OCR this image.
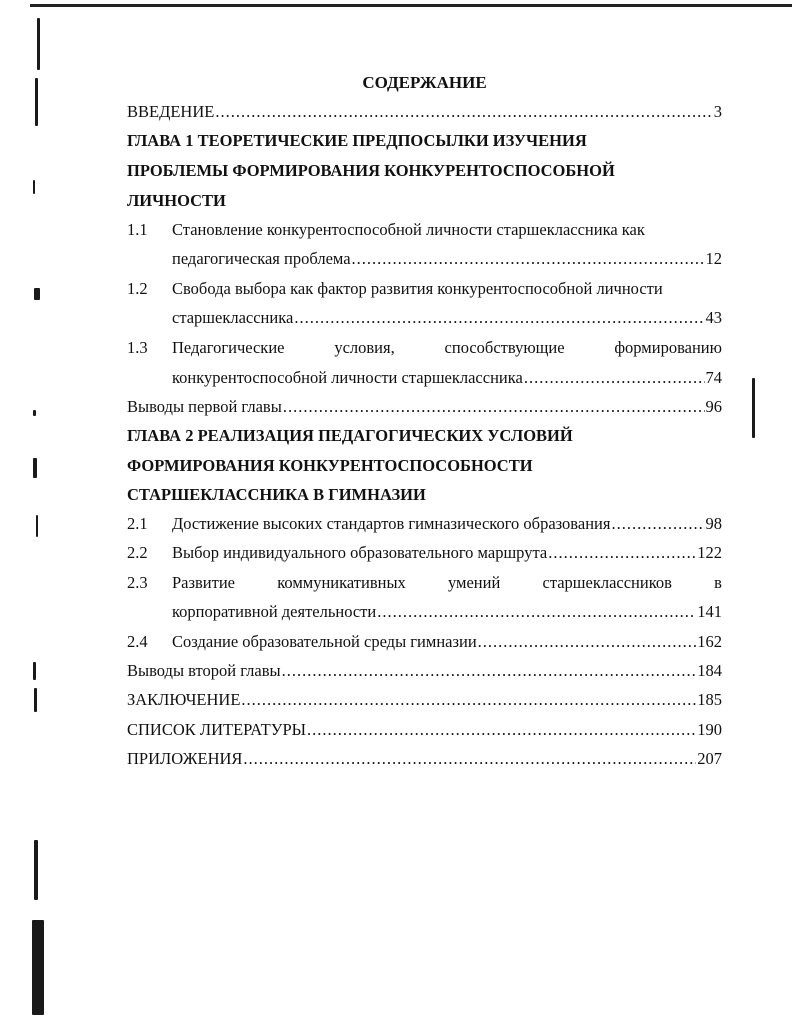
СОДЕРЖАНИЕ
ВВЕДЕНИЕ .....	3
ГЛАВА 1 ТЕОРЕТИЧЕСКИЕ ПРЕДПОСЫЛКИ ИЗУЧЕНИЯ
ПРОБЛЕМЫ ФОРМИРОВАНИЯ КОНКУРЕНТОСПОСОБНОЙ
ЛИЧНОСТИ
1.1	Становление конкурентоспособной личности старшеклассника как
педагогическая проблема .....	12
1.2	Свобода выбора как фактор развития конкурентоспособной личности
старшеклассника .....	43
1.3	Педагогические	условия,	способствующие	формированию
конкурентоспособной личности старшеклассника .....	74
Выводы первой главы .....	96
ГЛАВА 2 РЕАЛИЗАЦИЯ ПЕДАГОГИЧЕСКИХ УСЛОВИЙ
ФОРМИРОВАНИЯ КОНКУРЕНТОСПОСОБНОСТИ
СТАРШЕКЛАССНИКА В ГИМНАЗИИ
2.1	Достижение высоких стандартов гимназического образования .....	98
2.2	Выбор индивидуального образовательного маршрута .....	122
2.3	Развитие	коммуникативных	умений	старшеклассников	в
корпоративной деятельности .....	141
2.4	Создание образовательной среды гимназии .....	162
Выводы второй главы .....	184
ЗАКЛЮЧЕНИЕ .....	185
СПИСОК ЛИТЕРАТУРЫ .....	190
ПРИЛОЖЕНИЯ .....	207
